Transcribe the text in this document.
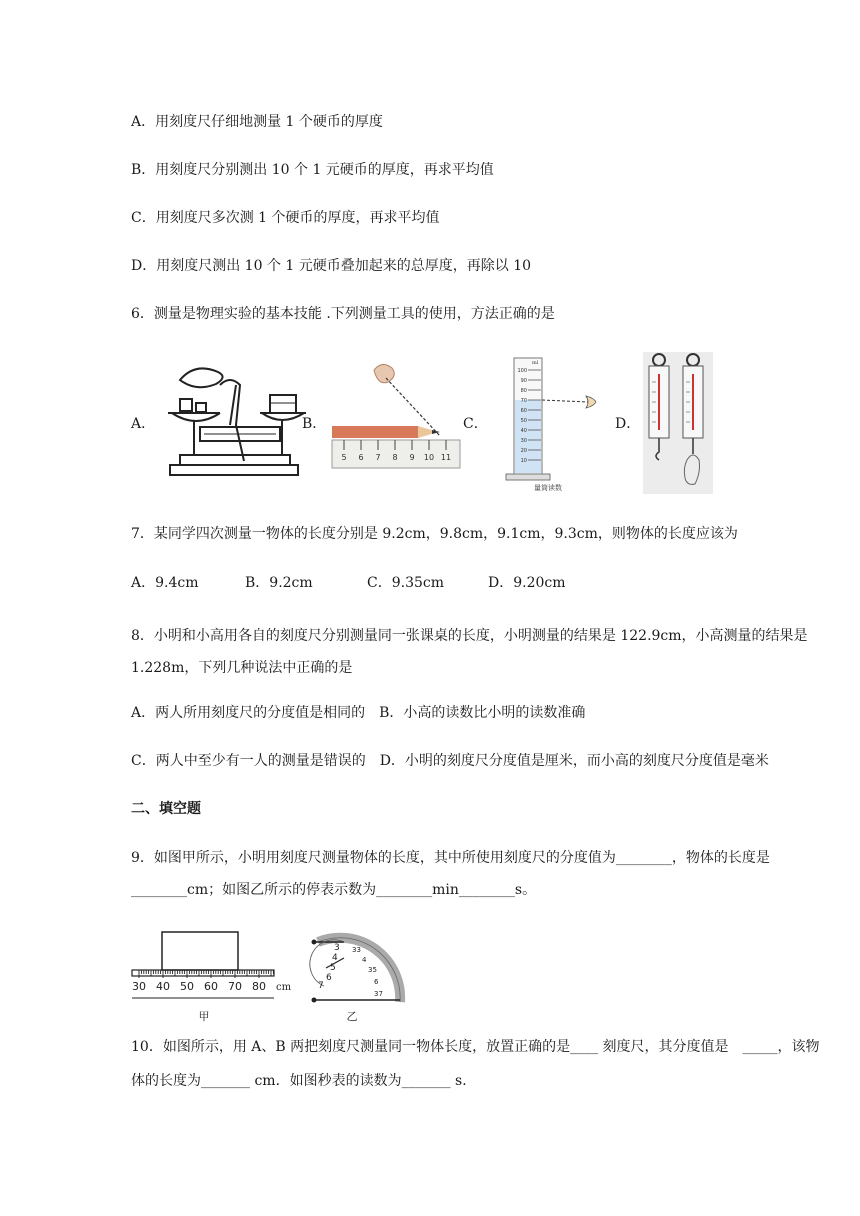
A．用刻度尺仔细地测量 1 个硬币的厚度
B．用刻度尺分别测出 10 个 1 元硬币的厚度，再求平均值
C．用刻度尺多次测 1 个硬币的厚度，再求平均值
D．用刻度尺测出 10 个 1 元硬币叠加起来的总厚度，再除以 10
6．测量是物理实验的基本技能 .下列测量工具的使用，方法正确的是
A．	B．	C．	D．
5 6 7 8 9 10 11
ml
100
90
80
70
60
50
40
30
20
10
量筒读数
7．某同学四次测量一物体的长度分别是 9.2cm，9.8cm，9.1cm，9.3cm，则物体的长度应该为
A．9.4cm	B．9.2cm	C．9.35cm	D．9.20cm
8．小明和小高用各自的刻度尺分别测量同一张课桌的长度，小明测量的结果是 122.9cm，小高测量的结果是 1.228m，下列几种说法中正确的是
A．两人所用刻度尺的分度值是相同的　B．小高的读数比小明的读数准确
C．两人中至少有一人的测量是错误的　D．小明的刻度尺分度值是厘米，而小高的刻度尺分度值是毫米
二、填空题
9．如图甲所示，小明用刻度尺测量物体的长度，其中所使用刻度尺的分度值为________，物体的长度是________cm；如图乙所示的停表示数为________min________s。
30 40 50 60 70 80 cm
甲
3
4
5
6
7
33
4
35
6
37
乙
10．如图所示，用 A、B 两把刻度尺测量同一物体长度，放置正确的是____ 刻度尺，其分度值是　_____，该物体的长度为_______ cm．如图秒表的读数为_______ s．
